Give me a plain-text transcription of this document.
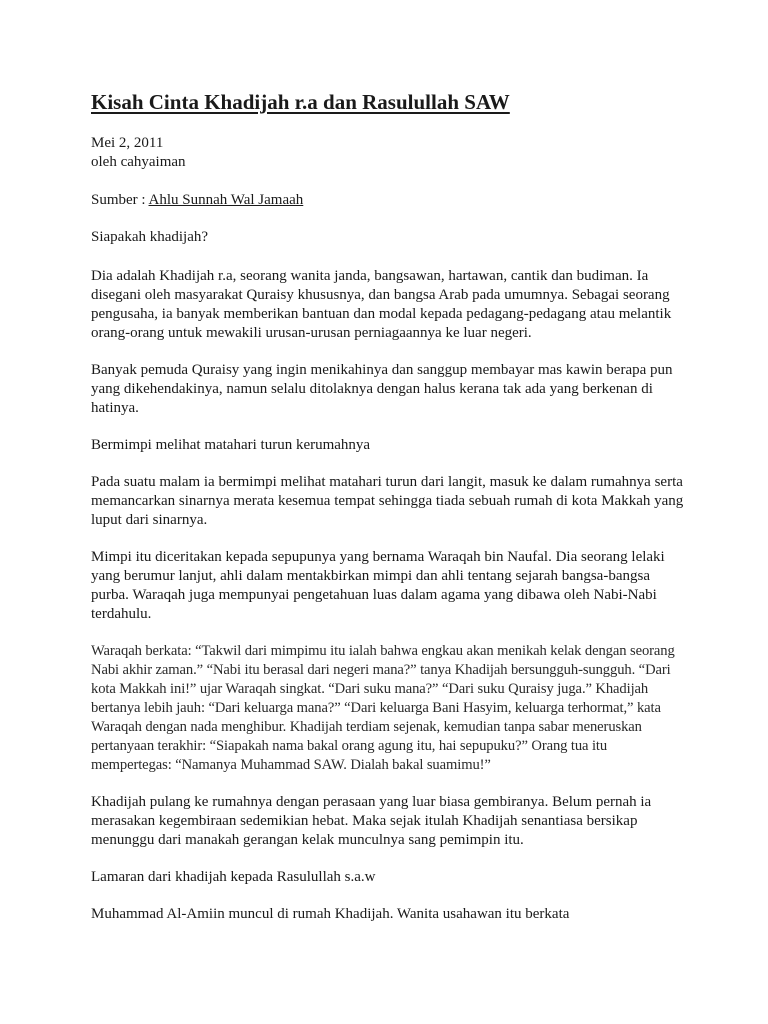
Kisah Cinta Khadijah r.a dan Rasulullah SAW
Mei 2, 2011
oleh cahyaiman

Sumber : Ahlu Sunnah Wal Jamaah

Siapakah khadijah?

Dia adalah Khadijah r.a, seorang wanita janda, bangsawan, hartawan, cantik dan budiman. Ia disegani oleh masyarakat Quraisy khususnya, dan bangsa Arab pada umumnya. Sebagai seorang pengusaha, ia banyak memberikan bantuan dan modal kepada pedagang-pedagang atau melantik orang-orang untuk mewakili urusan-urusan perniagaannya ke luar negeri.

Banyak pemuda Quraisy yang ingin menikahinya dan sanggup membayar mas kawin berapa pun yang dikehendakinya, namun selalu ditolaknya dengan halus kerana tak ada yang berkenan di hatinya.

Bermimpi melihat matahari turun kerumahnya

Pada suatu malam ia bermimpi melihat matahari turun dari langit, masuk ke dalam rumahnya serta memancarkan sinarnya merata kesemua tempat sehingga tiada sebuah rumah di kota Makkah yang luput dari sinarnya.

Mimpi itu diceritakan kepada sepupunya yang bernama Waraqah bin Naufal. Dia seorang lelaki yang berumur lanjut, ahli dalam mentakbirkan mimpi dan ahli tentang sejarah bangsa-bangsa purba. Waraqah juga mempunyai pengetahuan luas dalam agama yang dibawa oleh Nabi-Nabi terdahulu.

Waraqah berkata: “Takwil dari mimpimu itu ialah bahwa engkau akan menikah kelak dengan seorang Nabi akhir zaman.” “Nabi itu berasal dari negeri mana?” tanya Khadijah bersungguh-sungguh. “Dari kota Makkah ini!” ujar Waraqah singkat. “Dari suku mana?” “Dari suku Quraisy juga.” Khadijah bertanya lebih jauh: “Dari keluarga mana?” “Dari keluarga Bani Hasyim, keluarga terhormat,” kata Waraqah dengan nada menghibur. Khadijah terdiam sejenak, kemudian tanpa sabar meneruskan pertanyaan terakhir: “Siapakah nama bakal orang agung itu, hai sepupuku?” Orang tua itu mempertegas: “Namanya Muhammad SAW. Dialah bakal suamimu!”

Khadijah pulang ke rumahnya dengan perasaan yang luar biasa gembiranya. Belum pernah ia merasakan kegembiraan sedemikian hebat. Maka sejak itulah Khadijah senantiasa bersikap menunggu dari manakah gerangan kelak munculnya sang pemimpin itu.

Lamaran dari khadijah kepada Rasulullah s.a.w

Muhammad Al-Amiin muncul di rumah Khadijah. Wanita usahawan itu berkata
